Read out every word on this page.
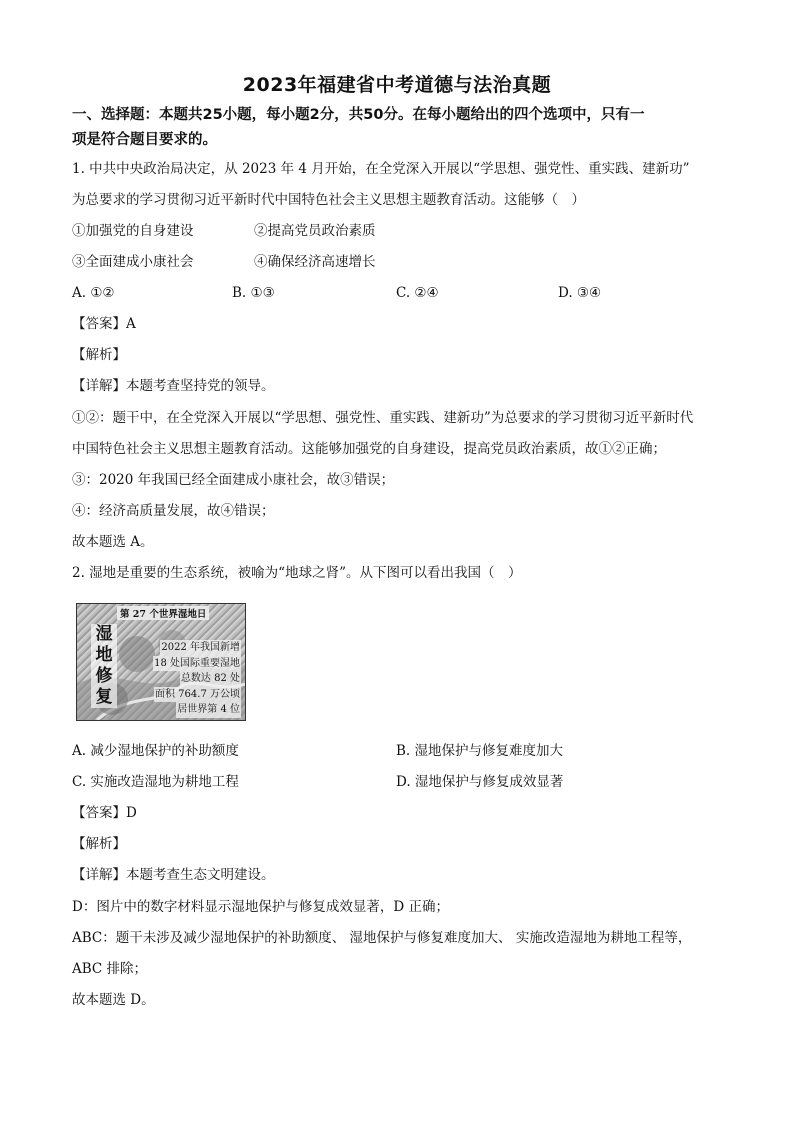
2023年福建省中考道德与法治真题
一、选择题：本题共25小题，每小题2分，共50分。在每小题给出的四个选项中，只有一
项是符合题目要求的。
1. 中共中央政治局决定，从 2023 年 4 月开始，在全党深入开展以“学思想、强党性、重实践、建新功”
为总要求的学习贯彻习近平新时代中国特色社会主义思想主题教育活动。这能够（　）
①加强党的自身建设	②提高党员政治素质
③全面建成小康社会	④确保经济高速增长
A. ①②	B. ①③	C. ②④	D. ③④
【答案】A
【解析】
【详解】本题考查坚持党的领导。
①②：题干中，在全党深入开展以“学思想、强党性、重实践、建新功”为总要求的学习贯彻习近平新时代
中国特色社会主义思想主题教育活动。这能够加强党的自身建设，提高党员政治素质，故①②正确；
③：2020 年我国已经全面建成小康社会，故③错误；
④：经济高质量发展，故④错误；
故本题选 A。
2. 湿地是重要的生态系统，被喻为“地球之肾”。从下图可以看出我国（　）
第 27 个世界湿地日
湿
地
修
复
2022 年我国新增
18 处国际重要湿地
总数达 82 处
面积 764.7 万公顷
居世界第 4 位
A. 减少湿地保护的补助额度	B. 湿地保护与修复难度加大
C. 实施改造湿地为耕地工程	D. 湿地保护与修复成效显著
【答案】D
【解析】
【详解】本题考查生态文明建设。
D：图片中的数字材料显示湿地保护与修复成效显著，D 正确；
ABC：题干未涉及减少湿地保护的补助额度、 湿地保护与修复难度加大、 实施改造湿地为耕地工程等，
ABC 排除；
故本题选 D。
